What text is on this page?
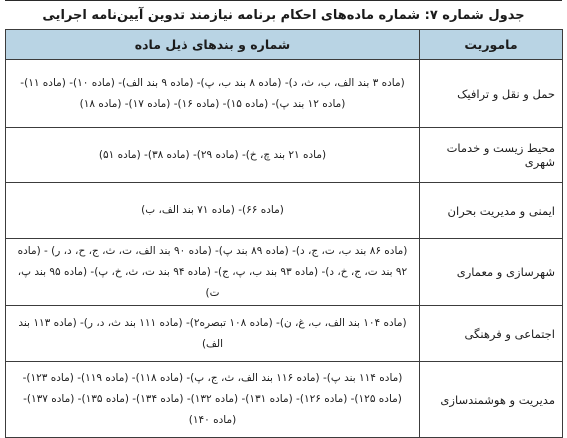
جدول شماره ۷: شماره ماده‌های احکام برنامه نیازمند تدوین آیین‌نامه اجرایی
ماموریت	شماره و بندهای ذیل ماده
حمل و نقل و ترافیک	(ماده ۳ بند الف، ب، ث، د)- (ماده ۸ بند ب، پ)- (ماده ۹ بند الف)- (ماده ۱۰)- (ماده ۱۱)- (ماده ۱۲ بند پ)- (ماده ۱۵)- (ماده ۱۶)- (ماده ۱۷)- (ماده ۱۸)
محیط زیست و خدمات شهری	(ماده ۲۱ بند چ، خ)- (ماده ۲۹)- (ماده ۳۸)- (ماده ۵۱)
ایمنی و مدیریت بحران	(ماده ۶۶)- (ماده ۷۱ بند الف، ب)
شهرسازی و معماری	(ماده ۸۶ بند ب، ت، ج، د)- (ماده ۸۹ بند پ)- (ماده ۹۰ بند الف، ت، ث، ج، ح، د، ر) - (ماده ۹۲ بند ت، ج، خ، د)- (ماده ۹۳ بند ب، پ، ج)- (ماده ۹۴ بند ت، ث، خ، پ)- (ماده ۹۵ بند پ، ت)
اجتماعی و فرهنگی	(ماده ۱۰۴ بند الف، ب، غ، ن)- (ماده ۱۰۸ تبصره۲)- (ماده ۱۱۱ بند ث، د، ر)- (ماده ۱۱۳ بند الف)
مدیریت و هوشمندسازی	(ماده ۱۱۴ بند پ)- (ماده ۱۱۶ بند الف، ث، ج، پ)- (ماده ۱۱۸)- (ماده ۱۱۹)- (ماده ۱۲۳)- (ماده ۱۲۵)- (ماده ۱۲۶)- (ماده ۱۳۱)- (ماده ۱۳۲)- (ماده ۱۳۴)- (ماده ۱۳۵)- (ماده ۱۳۷)- (ماده ۱۴۰)
